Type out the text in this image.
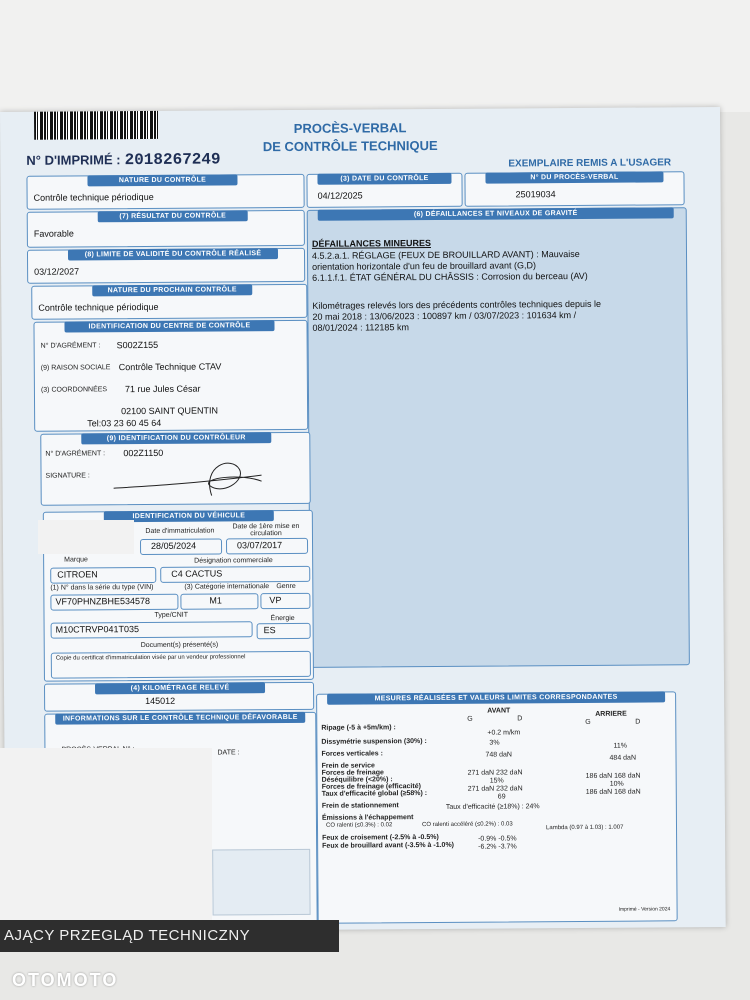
PROCÈS-VERBAL
DE CONTRÔLE TECHNIQUE
N° D'IMPRIMÉ : 2018267249	EXEMPLAIRE REMIS A L'USAGER
NATURE DU CONTRÔLE
Contrôle technique périodique
(3) DATE DU CONTRÔLE
04/12/2025
N° DU PROCÈS-VERBAL
25019034
(7) RÉSULTAT DU CONTRÔLE
Favorable
(8) LIMITE DE VALIDITÉ DU CONTRÔLE RÉALISÉ
03/12/2027
NATURE DU PROCHAIN CONTRÔLE
Contrôle technique périodique
(6) DÉFAILLANCES ET NIVEAUX DE GRAVITÉ
DÉFAILLANCES MINEURES
4.5.2.a.1. RÉGLAGE (FEUX DE BROUILLARD AVANT) : Mauvaise
orientation horizontale d'un feu de brouillard avant (G,D)
6.1.1.f.1. ÉTAT GÉNÉRAL DU CHÂSSIS : Corrosion du berceau (AV)
Kilométrages relevés lors des précédents contrôles techniques depuis le
20 mai 2018 : 13/06/2023 : 100897 km / 03/07/2023 : 101634 km /
08/01/2024 : 112185 km
IDENTIFICATION DU CENTRE DE CONTRÔLE
N° D'AGRÉMENT : S002Z155
(9) RAISON SOCIALE Contrôle Technique CTAV
(3) COORDONNÉES 71 rue Jules César
02100 SAINT QUENTIN
Tel:03 23 60 45 64
(9) IDENTIFICATION DU CONTRÔLEUR
N° D'AGRÉMENT : 002Z1150
SIGNATURE :
IDENTIFICATION DU VÉHICULE
Date d'immatriculation
Date de 1ère mise en circulation
28/05/2024	03/07/2017
Marque	Désignation commerciale
CITROEN	C4 CACTUS
(1) N° dans la série du type (VIN)	(3) Catégorie internationale Genre
VF70PHNZBHE534578	M1	VP
Type/CNIT	Énergie
M10CTRVP041T035	ES
Document(s) présenté(s)
Copie du certificat d'immatriculation visée par un vendeur professionnel
(4) KILOMÉTRAGE RELEVÉ
145012
INFORMATIONS SUR LE CONTRÔLE TECHNIQUE DÉFAVORABLE
DATE :
MESURES RÉALISÉES ET VALEURS LIMITES CORRESPONDANTES
AVANT	ARRIERE
G	D
G	D
Ripage (-5 à +5m/km) :
+0.2 m/km
Dissymétrie suspension (30%) :	3%	11%
Forces verticales :	748 daN	484 daN
Frein de service
Forces de freinage	271 daN 232 daN	186 daN 168 daN
Déséquilibre (<20%) :	15%	10%
Forces de freinage (efficacité)	271 daN 232 daN	186 daN 168 daN
Taux d'efficacité global (≥58%) :	69
Frein de stationnement	Taux d'efficacité (≥18%) : 24%
Émissions à l'échappement
CO ralenti (≤0.3%) : 0.02	CO ralenti accéléré (≤0.2%) : 0.03	Lambda (0.97 à 1.03) : 1.007
Feux de croisement (-2.5% à -0.5%)	-0.9% -0.5%
Feux de brouillard avant (-3.5% à -1.0%)	-6.2% -3.7%
Imprimé - Version 2024
AJĄCY PRZEGLĄD TECHNICZNY
OTOMOTO
